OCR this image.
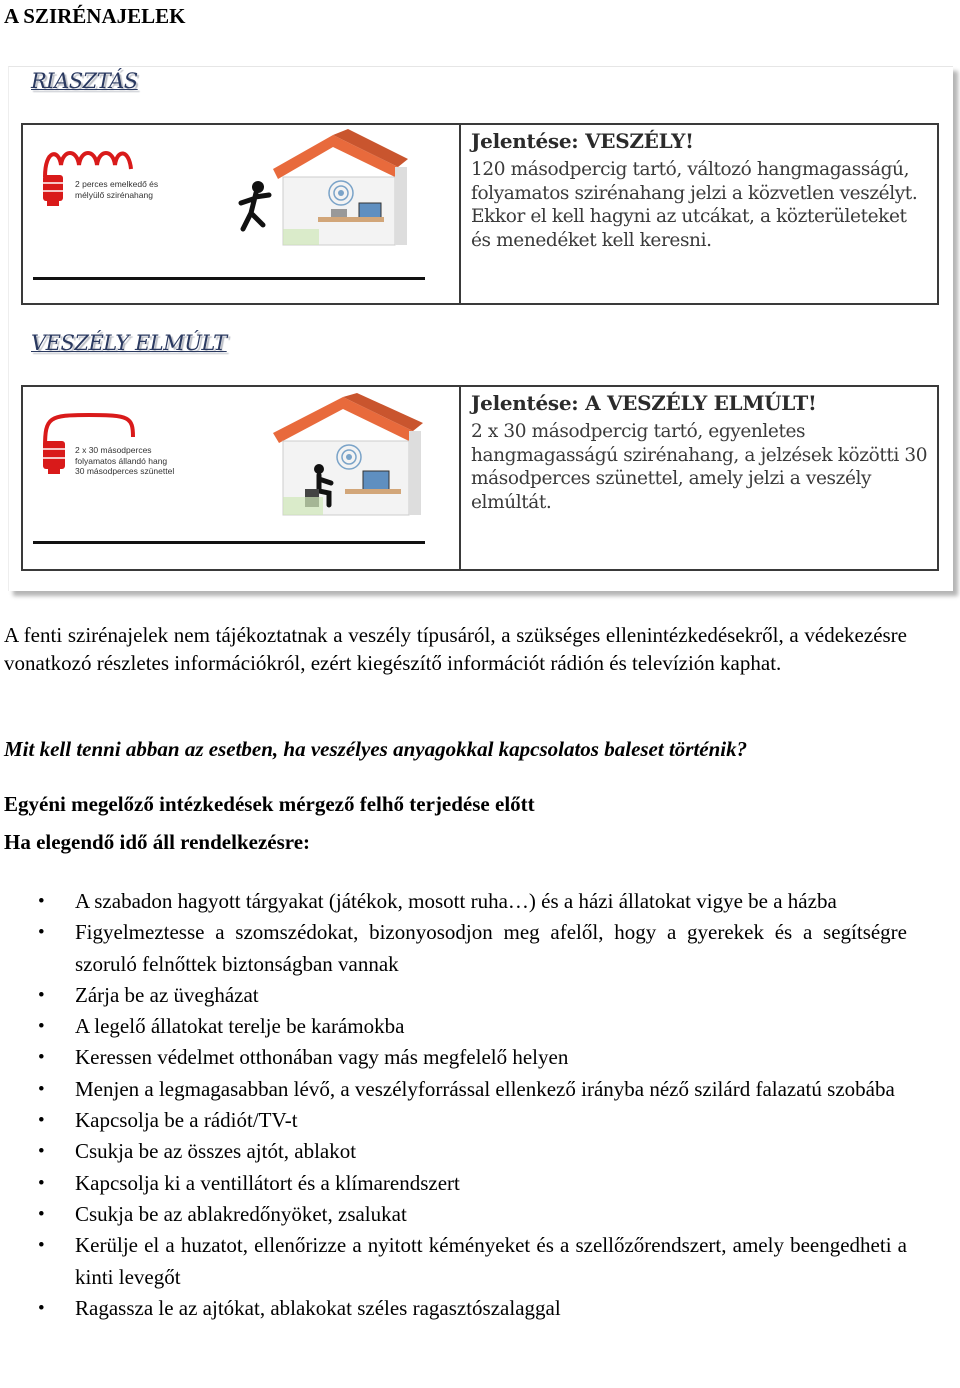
A SZIRÉNAJELEK
RIASZTÁS
2 perces emelkedő és
mélyülő szirénahang
Jelentése: VESZÉLY!

120 másodpercig tartó, változó hangmagasságú, folyamatos szirénahang jelzi a közvetlen veszélyt.

Ekkor el kell hagyni az utcákat, a közterületeket és menedéket kell keresni.

VESZÉLY ELMÚLT
2 x 30 másodperces
folyamatos állandó hang
30 másodperces szünettel
Jelentése: A VESZÉLY ELMÚLT!

2 x 30 másodpercig tartó, egyenletes hangmagasságú szirénahang, a jelzések közötti 30 másodperces szünettel, amely jelzi a veszély elmúltát.

A fenti szirénajelek nem tájékoztatnak a veszély típusáról, a szükséges ellenintézkedésekről, a védekezésre vonatkozó részletes információkról, ezért kiegészítő információt rádión és televízión kaphat.

Mit kell tenni abban az esetben, ha veszélyes anyagokkal kapcsolatos baleset történik?

Egyéni megelőző intézkedések mérgező felhő terjedése előtt

Ha elegendő idő áll rendelkezésre:

• A szabadon hagyott tárgyakat (játékok, mosott ruha…) és a házi állatokat vigye be a házba
• Figyelmeztesse a szomszédokat, bizonyosodjon meg afelől, hogy a gyerekek és a segítségre szoruló felnőttek biztonságban vannak
• Zárja be az üvegházat
• A legelő állatokat terelje be karámokba
• Keressen védelmet otthonában vagy más megfelelő helyen
• Menjen a legmagasabban lévő, a veszélyforrással ellenkező irányba néző szilárd falazatú szobába
• Kapcsolja be a rádiót/TV-t
• Csukja be az összes ajtót, ablakot
• Kapcsolja ki a ventillátort és a klímarendszert
• Csukja be az ablakredőnyöket, zsalukat
• Kerülje el a huzatot, ellenőrizze a nyitott kéményeket és a szellőzőrendszert, amely beengedheti a kinti levegőt
• Ragassza le az ajtókat, ablakokat széles ragasztószalaggal
